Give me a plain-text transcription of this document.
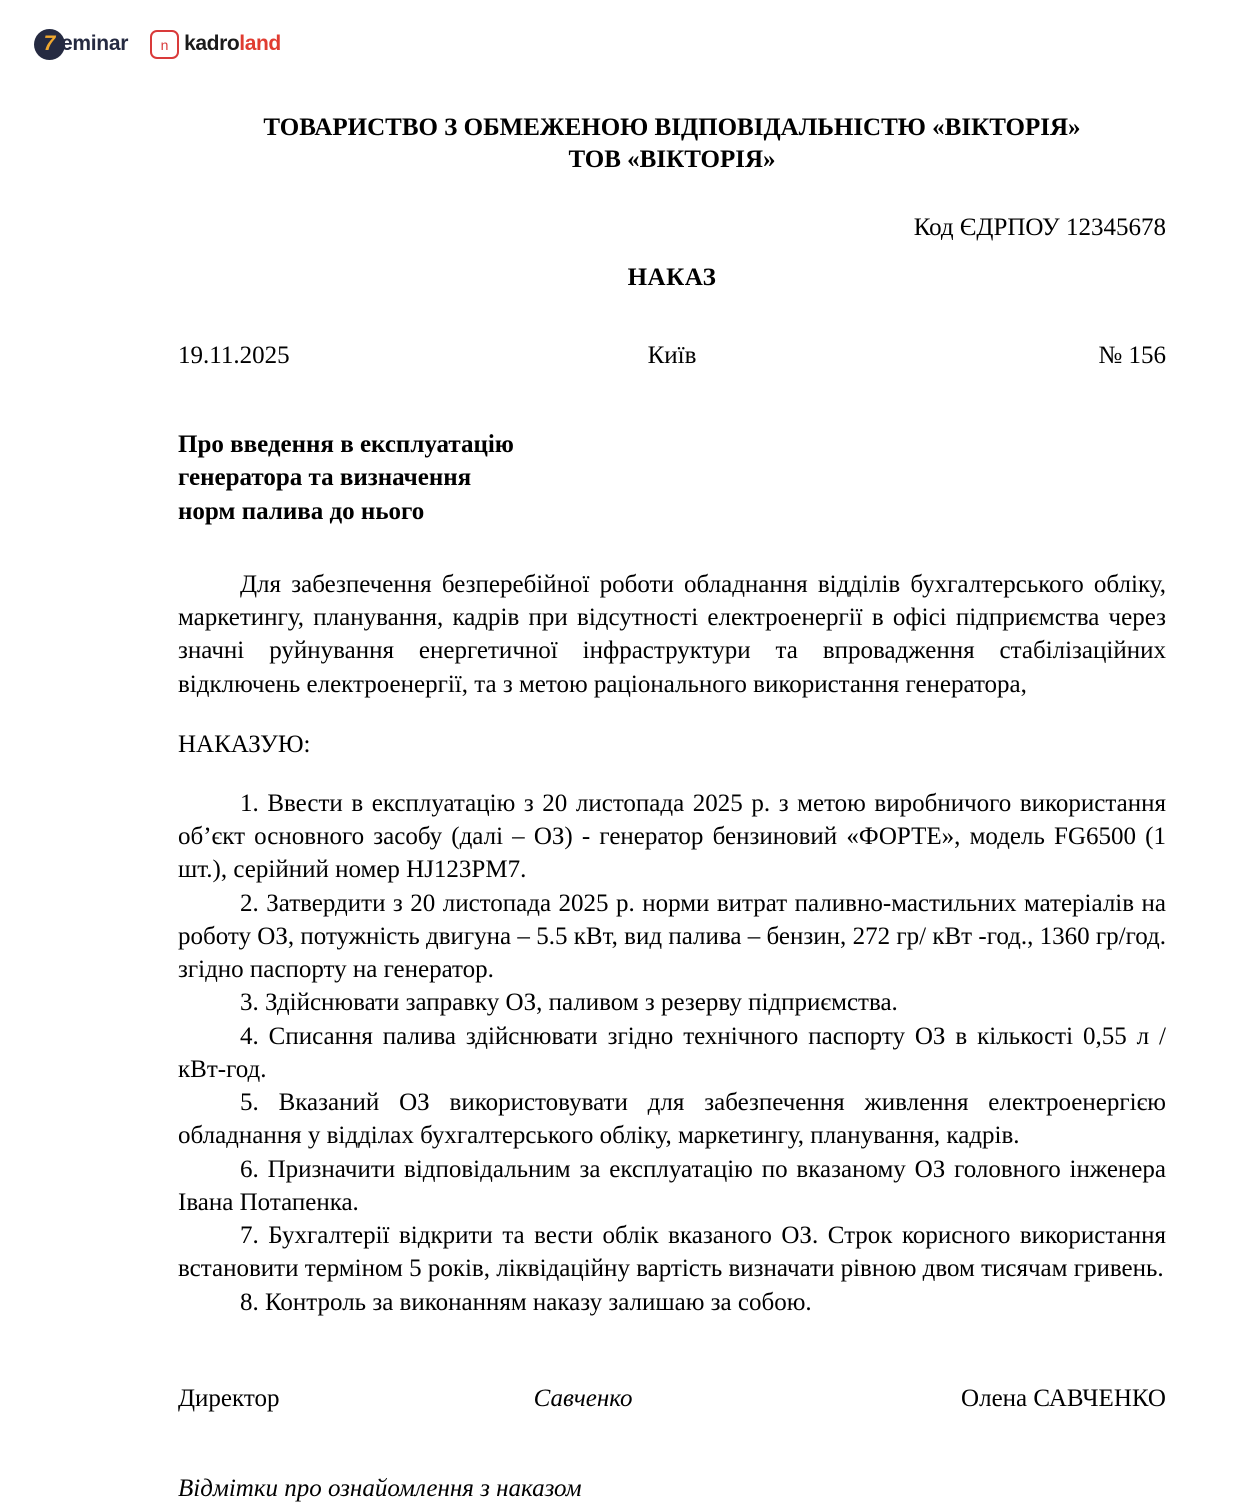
7 eminar n kadroland
ТОВАРИСТВО З ОБМЕЖЕНОЮ ВІДПОВІДАЛЬНІСТЮ «ВІКТОРІЯ»
ТОВ «ВІКТОРІЯ»
Код ЄДРПОУ 12345678
НАКАЗ
19.11.2025	Київ	№ 156
Про введення в експлуатацію
генератора та визначення
норм палива до нього
Для забезпечення безперебійної роботи обладнання відділів бухгалтерського обліку, маркетингу, планування, кадрів при відсутності електроенергії в офісі підприємства через значні руйнування енергетичної інфраструктури та впровадження стабілізаційних відключень електроенергії, та з метою раціонального використання генератора,
НАКАЗУЮ:
1. Ввести в експлуатацію з 20 листопада 2025 р. з метою виробничого використання об’єкт основного засобу (далі – ОЗ) - генератор бензиновий «ФОРТЕ», модель FG6500 (1 шт.), серійний номер HJ123PM7.
2. Затвердити з 20 листопада 2025 р. норми витрат паливно-мастильних матеріалів на роботу ОЗ, потужність двигуна – 5.5 кВт, вид палива – бензин, 272 гр/ кВт -год., 1360 гр/год. згідно паспорту на генератор.
3. Здійснювати заправку ОЗ, паливом з резерву підприємства.
4. Списання палива здійснювати згідно технічного паспорту ОЗ в кількості 0,55 л / кВт-год.
5. Вказаний ОЗ використовувати для забезпечення живлення електроенергією обладнання у відділах бухгалтерського обліку, маркетингу, планування, кадрів.
6. Призначити відповідальним за експлуатацію по вказаному ОЗ головного інженера Івана Потапенка.
7. Бухгалтерії відкрити та вести облік вказаного ОЗ. Строк корисного використання встановити терміном 5 років, ліквідаційну вартість визначати рівною двом тисячам гривень.
8. Контроль за виконанням наказу залишаю за собою.
Директор	Савченко	Олена САВЧЕНКО
Відмітки про ознайомлення з наказом
